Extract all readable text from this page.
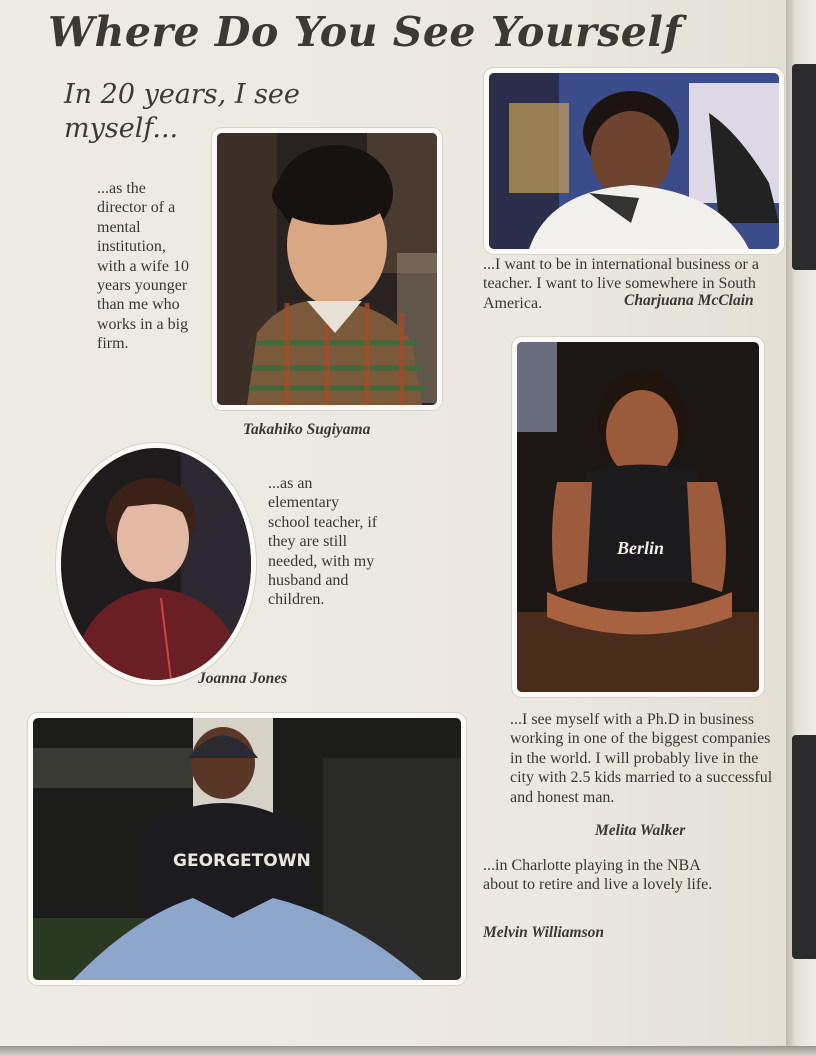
Where Do You See Yourself
In 20 years, I see myself...
...as the director of a mental institution, with a wife 10 years younger than me who works in a big firm.
Takahiko Sugiyama
...I want to be in international business or a teacher. I want to live somewhere in South America.	Charjuana McClain
...as an elementary school teacher, if they are still needed, with my husband and children.
Joanna Jones
Berlin
...I see myself with a Ph.D in business working in one of the biggest companies in the world. I will probably live in the city with 2.5 kids married to a successful and honest man.
Melita Walker
GEORGETOWN	...in Charlotte playing in the NBA about to retire and live a lovely life.
Melvin Williamson
